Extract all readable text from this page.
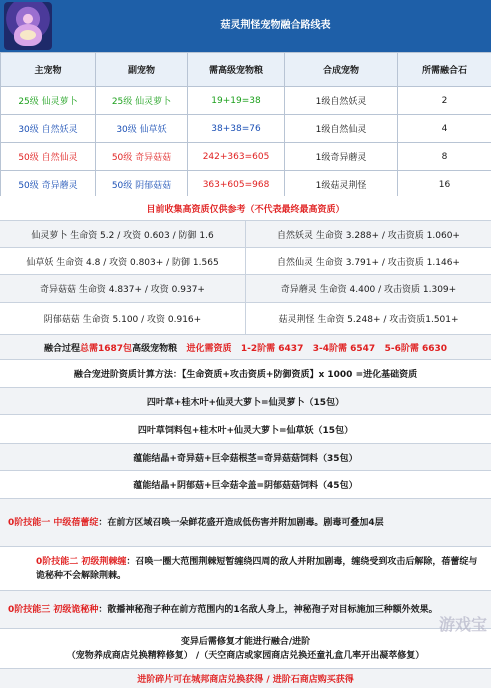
菇灵荆怪宠物融合路线表
主宠物	副宠物	需高级宠物粮	合成宠物	所需融合石
25级 仙灵萝卜	25级 仙灵萝卜	19+19=38	1级自然妖灵	2
30级 自然妖灵	30级 仙草妖	38+38=76	1级自然仙灵	4
50级 自然仙灵	50级 奇异菇菇	242+363=605	1级奇异蘑灵	8
50级 奇异蘑灵	50级 阴郁菇菇	363+605=968	1级菇灵荆怪	16
目前收集高资质仅供参考（不代表最终最高资质）
仙灵萝卜 生命资 5.2 / 攻资 0.603 / 防御 1.6	自然妖灵 生命资 3.288+ / 攻击资质 1.060+
仙草妖 生命资 4.8 / 攻资 0.803+ / 防御 1.565	自然仙灵 生命资 3.791+ / 攻击资质 1.146+
奇异菇菇 生命资 4.837+ / 攻资 0.937+	奇异蘑灵 生命资 4.400 / 攻击资质 1.309+
阴郁菇菇 生命资 5.100 / 攻资 0.916+	菇灵荆怪 生命资 5.248+ / 攻击资质1.501+
融合过程 总需1687包 高级宠物粮 进化需资质 1-2阶需 6437 3-4阶需 6547 5-6阶需 6630
融合宠进阶资质计算方法：【生命资质+攻击资质+防御资质】x 1000 =进化基础资质
四叶草+桂木叶+仙灵大萝卜=仙灵萝卜（15包）
四叶草饲料包+桂木叶+仙灵大萝卜=仙草妖（15包）
蕴能结晶+奇异菇+巨伞菇根茎=奇异菇菇饲料（35包）
蕴能结晶+阴郁菇+巨伞菇伞盖=阴郁菇菇饲料（45包）
0阶技能一 中级蓓蕾绽：在前方区域召唤一朵鲜花盛开造成低伤害并附加剧毒。剧毒可叠加4层
0阶技能二 初级荆棘缠：召唤一圈大范围荆棘短暂缠绕四周的敌人并附加剧毒，缠绕受到攻击后解除，蓓蕾绽与诡秘种不会解除荆棘。
0阶技能三 初级诡秘种：散播神秘孢子种在前方范围内的1名敌人身上，神秘孢子对目标施加三种额外效果。
变异后需修复才能进行融合/进阶
（宠物养成商店兑换精粹修复） /（天空商店或家园商店兑换还童礼盒几率开出凝萃修复）
进阶碎片可在城邦商店兑换获得 / 进阶石商店购买获得
游戏宝
